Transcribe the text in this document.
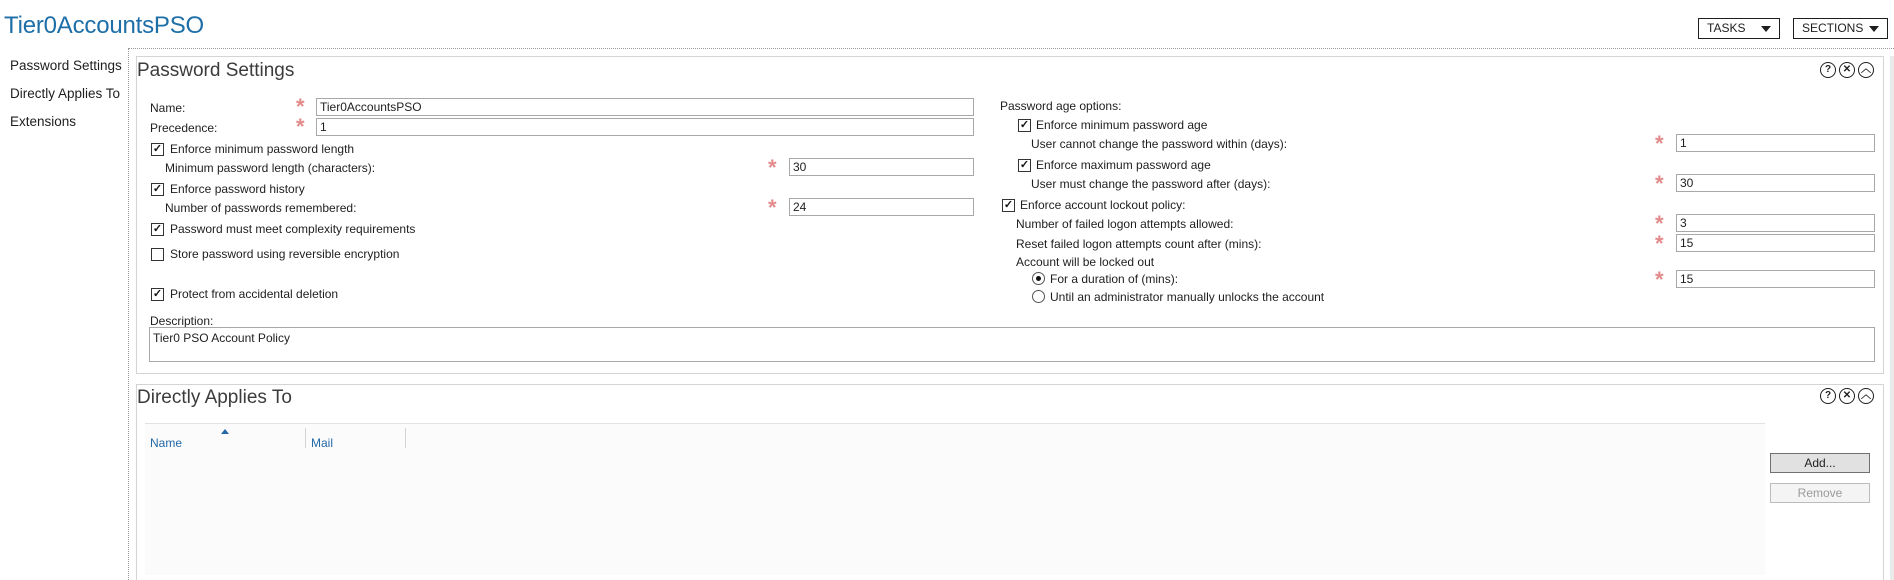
Tier0AccountsPSO	TASKS	SECTIONS
Password Settings
Directly Applies To
Extensions
Password Settings	?	✕ ︿
Name:	*	Tier0AccountsPSO
Precedence:	*	1
✓ Enforce minimum password length
Minimum password length (characters):	*	30
✓ Enforce password history
Number of passwords remembered:	*	24
✓ Password must meet complexity requirements
Store password using reversible encryption
✓ Protect from accidental deletion
Description:
Tier0 PSO Account Policy
Password age options:
✓ Enforce minimum password age
User cannot change the password within (days):	*	1
✓ Enforce maximum password age
User must change the password after (days):	*	30
✓ Enforce account lockout policy:
Number of failed logon attempts allowed:	*	3
Reset failed logon attempts count after (mins):	*	15
Account will be locked out
For a duration of (mins):	*	15
Until an administrator manually unlocks the account
Directly Applies To	?	✕ ︿
Name	Mail
Add...
Remove
